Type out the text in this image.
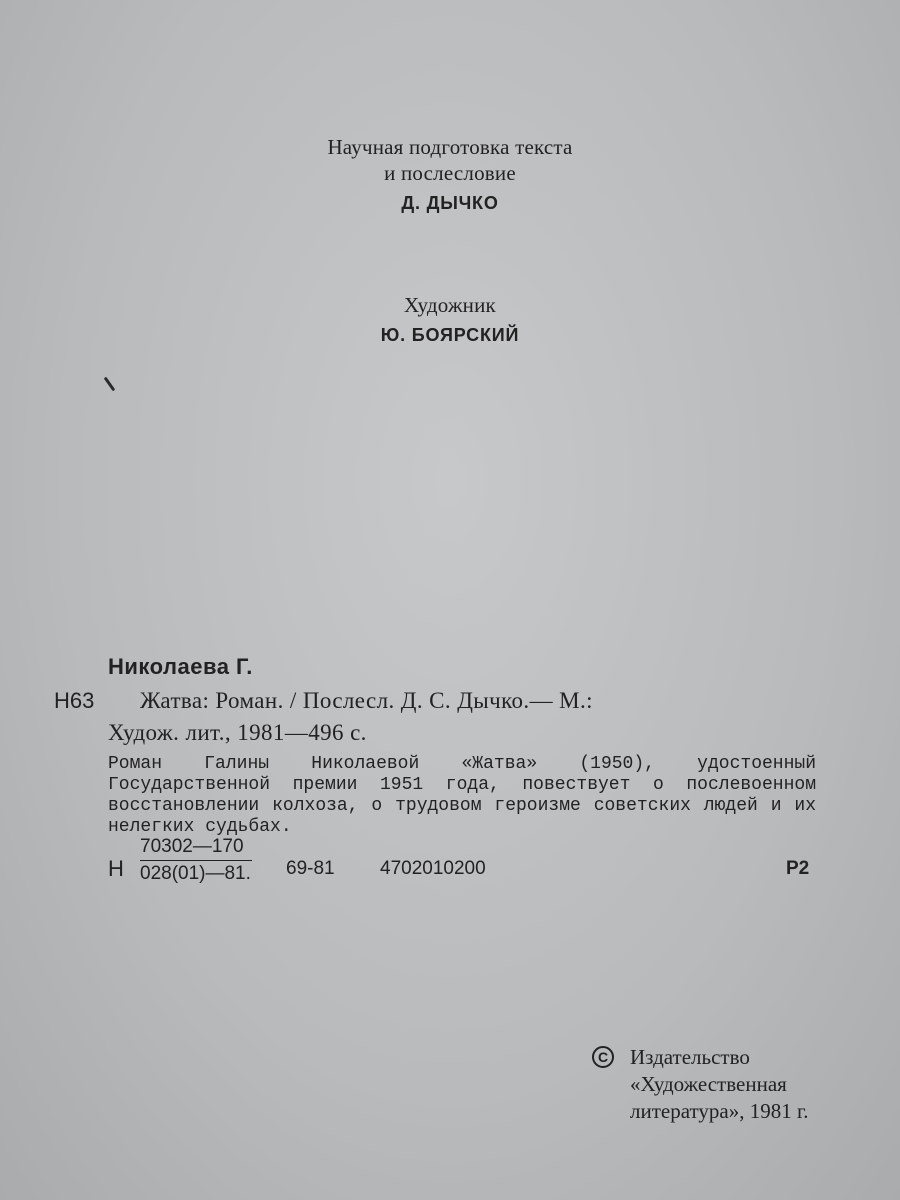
Научная подготовка текста
и послесловие
Д. ДЫЧКО
Художник
Ю. БОЯРСКИЙ
Николаева Г.
Н63 Жатва: Роман. / Послесл. Д. С. Дычко.— М.:
Худож. лит., 1981—496 с.
Роман Галины Николаевой «Жатва» (1950), удостоенный Государственной премии 1951 года, повествует о послевоенном восстановлении колхоза, о трудовом героизме советских людей и их нелегких судьбах.
Н $\frac{70302—170}{028(01)—81.} 69-81$ 4702010200	Р2
C	Издательство
«Художественная
литература», 1981 г.
